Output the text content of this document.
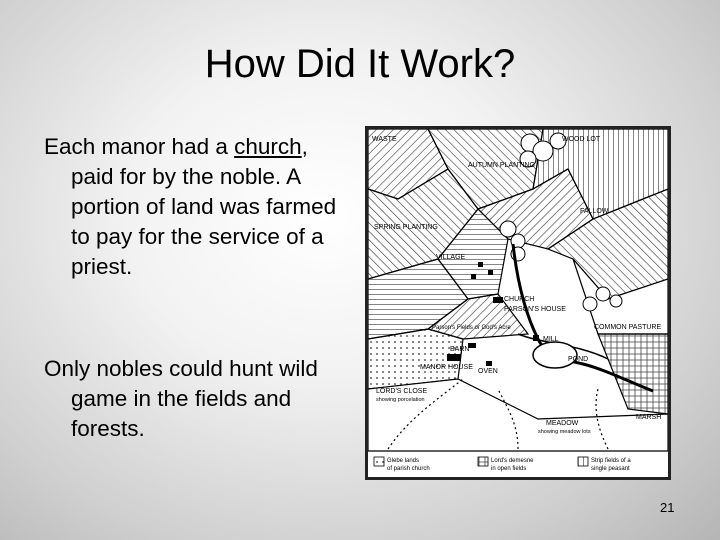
How Did It Work?
Each manor had a church, paid for by the noble. A portion of land was farmed to pay for the service of a priest.
Only nobles could hunt wild game in the fields and forests.
WASTE	WOOD LOT
AUTUMN PLANTING
FALLOW
SPRING PLANTING
VILLAGE
CHURCH
PARSON'S HOUSE
Parson's Fields or God's Acre
MILL
COMMON PASTURE
BARN
MANOR HOUSE
OVEN
POND
LORD'S CLOSE
showing porcelation
MARSH
MEADOW
showing meadow lots
Glebe lands
of parish church
Lord's demesne
in open fields
Strip fields of a
single peasant
21
